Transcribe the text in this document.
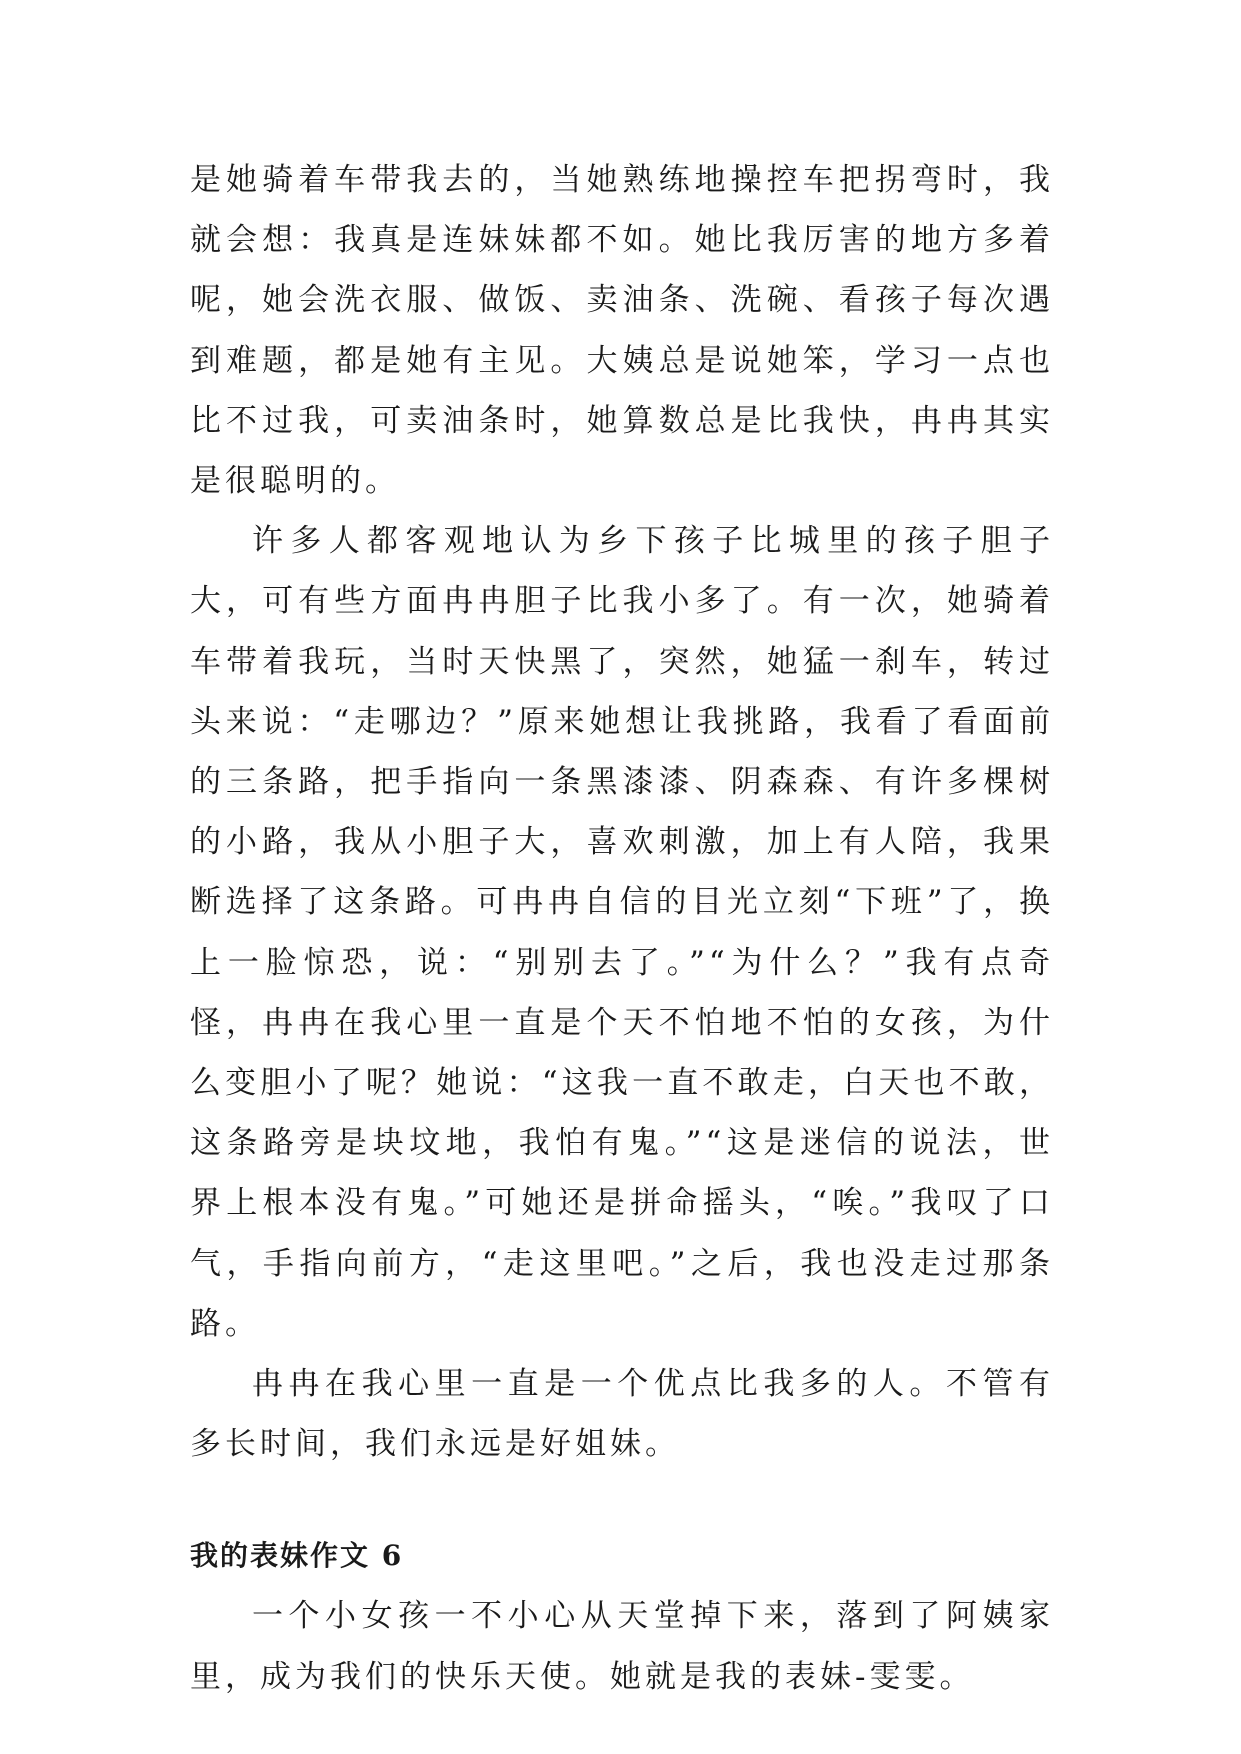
是她骑着车带我去的，当她熟练地操控车把拐弯时，我就会想：我真是连妹妹都不如。她比我厉害的地方多着呢，她会洗衣服、做饭、卖油条、洗碗、看孩子每次遇到难题，都是她有主见。大姨总是说她笨，学习一点也比不过我，可卖油条时，她算数总是比我快，冉冉其实是很聪明的。

许多人都客观地认为乡下孩子比城里的孩子胆子大，可有些方面冉冉胆子比我小多了。有一次，她骑着车带着我玩，当时天快黑了，突然，她猛一刹车，转过头来说：“走哪边？”原来她想让我挑路，我看了看面前的三条路，把手指向一条黑漆漆、阴森森、有许多棵树的小路，我从小胆子大，喜欢刺激，加上有人陪，我果断选择了这条路。可冉冉自信的目光立刻“下班”了，换上一脸惊恐，说：“别别去了。”“为什么？”我有点奇怪，冉冉在我心里一直是个天不怕地不怕的女孩，为什么变胆小了呢？她说：“这我一直不敢走，白天也不敢，这条路旁是块坟地，我怕有鬼。”“这是迷信的说法，世界上根本没有鬼。”可她还是拼命摇头，“唉。”我叹了口气，手指向前方，“走这里吧。”之后，我也没走过那条路。

冉冉在我心里一直是一个优点比我多的人。不管有多长时间，我们永远是好姐妹。

我的表妹作文 6

一个小女孩一不小心从天堂掉下来，落到了阿姨家里，成为我们的快乐天使。她就是我的表妹-雯雯。
